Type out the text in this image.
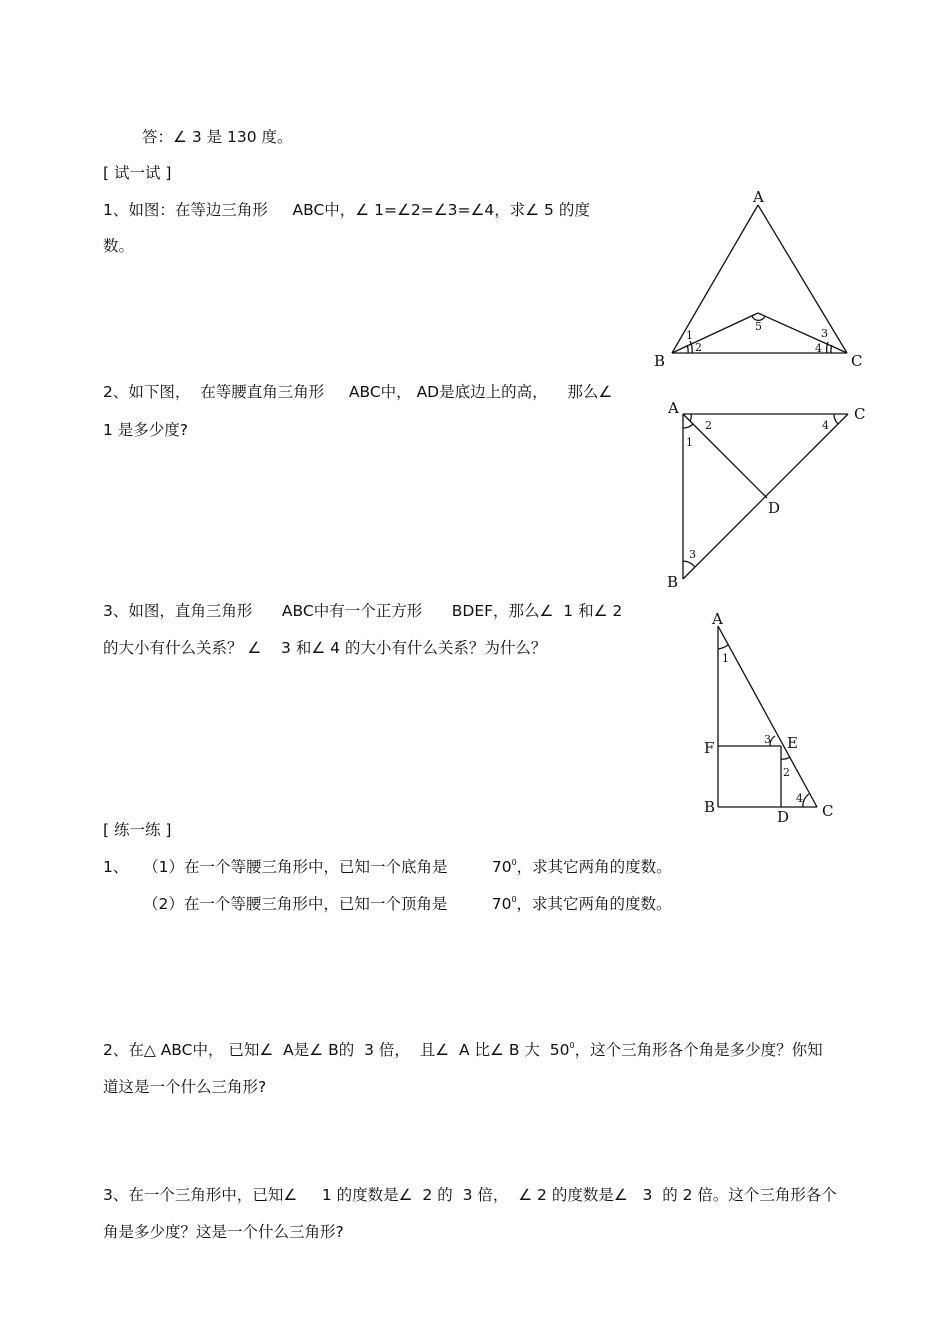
答：∠ 3 是 130 度。
[ 试一试 ]
1、如图：在等边三角形     ABC中，∠ 1=∠2=∠3=∠4，求∠ 5 的度
数。
2、如下图，  在等腰直角三角形     ABC中， AD是底边上的高，    那么∠
1 是多少度?
3、如图，直角三角形      ABC中有一个正方形      BDEF，那么∠  1 和∠ 2
的大小有什么关系？ ∠    3 和∠ 4 的大小有什么关系？为什么？
[ 练一练 ]
1、   （1）在一个等腰三角形中，已知一个底角是         $70^0$，求其它两角的度数。
（2）在一个等腰三角形中，已知一个顶角是         $70^0$，求其它两角的度数。
2、在△ ABC中， 已知∠  A是∠ B的  3 倍，  且∠  A 比∠ B 大  $50^0$，这个三角形各个角是多少度？你知
道这是一个什么三角形?
3、在一个三角形中，已知∠     1 的度数是∠  2 的  3 倍，  ∠ 2 的度数是∠   3  的 2 倍。这个三角形各个
角是多少度？这是一个什么三角形?
A
B	C
1
2
3
4
5
A
B
C
D
1
2
3
4
A
B	C
D
E
F
1
2
3
4
